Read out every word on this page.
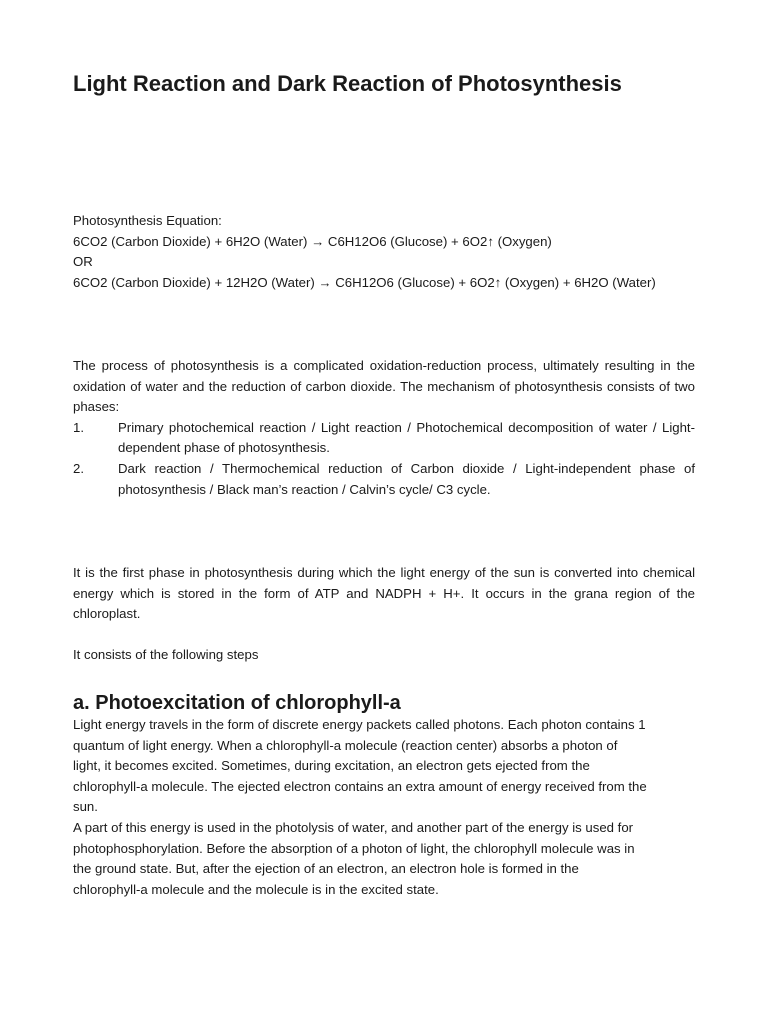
Light Reaction and Dark Reaction of Photosynthesis
Photosynthesis Equation:
6CO2 (Carbon Dioxide) + 6H2O (Water) → C6H12O6 (Glucose) + 6O2↑ (Oxygen)
OR
6CO2 (Carbon Dioxide) + 12H2O (Water) → C6H12O6 (Glucose) + 6O2↑ (Oxygen) + 6H2O (Water)
The process of photosynthesis is a complicated oxidation-reduction process, ultimately resulting in the oxidation of water and the reduction of carbon dioxide. The mechanism of photosynthesis consists of two phases:
1.	Primary photochemical reaction / Light reaction / Photochemical decomposition of water / Light-dependent phase of photosynthesis.
2.	Dark reaction / Thermochemical reduction of Carbon dioxide / Light-independent phase of photosynthesis / Black man’s reaction / Calvin’s cycle/ C3 cycle.
It is the first phase in photosynthesis during which the light energy of the sun is converted into chemical energy which is stored in the form of ATP and NADPH + H+. It occurs in the grana region of the chloroplast.
It consists of the following steps
a. Photoexcitation of chlorophyll-a
Light energy travels in the form of discrete energy packets called photons. Each photon contains 1
quantum of light energy. When a chlorophyll-a molecule (reaction center) absorbs a photon of
light, it becomes excited. Sometimes, during excitation, an electron gets ejected from the
chlorophyll-a molecule. The ejected electron contains an extra amount of energy received from the
sun.
A part of this energy is used in the photolysis of water, and another part of the energy is used for
photophosphorylation. Before the absorption of a photon of light, the chlorophyll molecule was in
the ground state. But, after the ejection of an electron, an electron hole is formed in the
chlorophyll-a molecule and the molecule is in the excited state.
